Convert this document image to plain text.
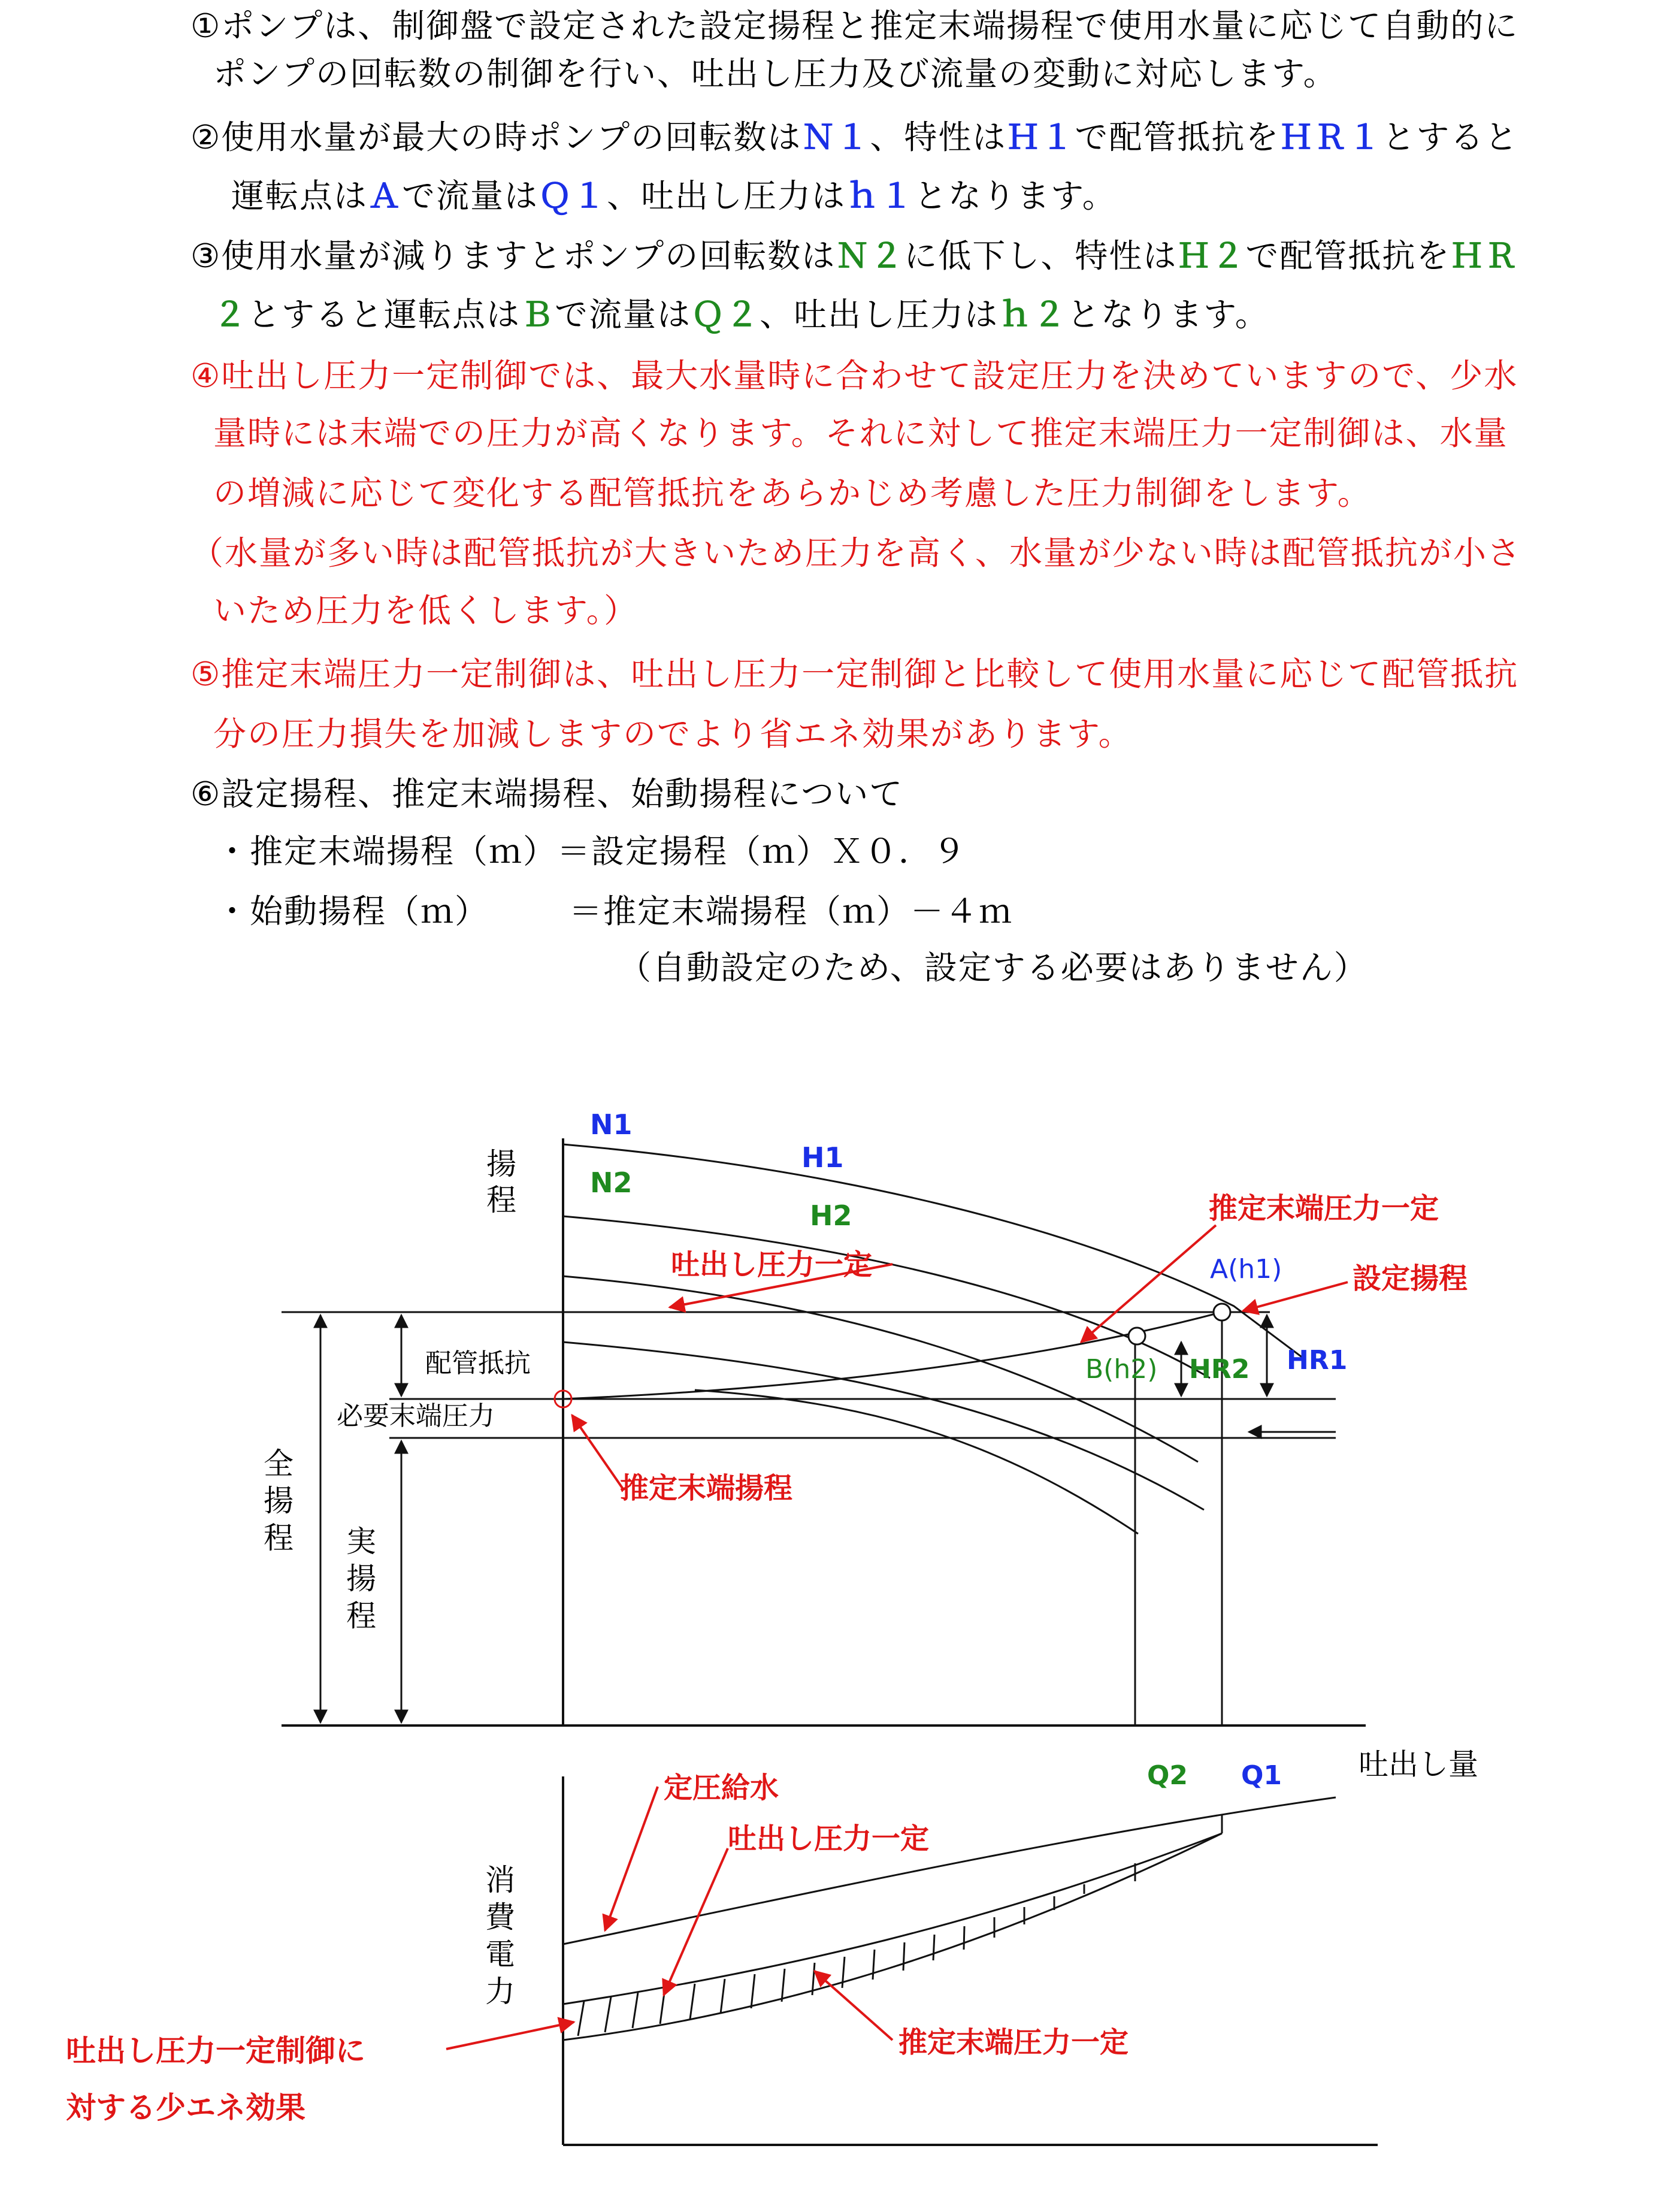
①ポンプは、制御盤で設定された設定揚程と推定末端揚程で使用水量に応じて自動的に
ポンプの回転数の制御を行い、吐出し圧力及び流量の変動に対応します。
②使用水量が最大の時ポンプの回転数はＮ１、特性はＨ１で配管抵抗をＨＲ１とすると
運転点はＡで流量はＱ１、吐出し圧力はｈ１となります。
③使用水量が減りますとポンプの回転数はＮ２に低下し、特性はＨ２で配管抵抗をＨＲ
２とすると運転点はＢで流量はＱ２、吐出し圧力はｈ２となります。
④吐出し圧力一定制御では、最大水量時に合わせて設定圧力を決めていますので、少水
量時には末端での圧力が高くなります。それに対して推定末端圧力一定制御は、水量
の増減に応じて変化する配管抵抗をあらかじめ考慮した圧力制御をします。
（水量が多い時は配管抵抗が大きいため圧力を高く、水量が少ない時は配管抵抗が小さ
いため圧力を低くします。）
⑤推定末端圧力一定制御は、吐出し圧力一定制御と比較して使用水量に応じて配管抵抗
分の圧力損失を加減しますのでより省エネ効果があります。
⑥設定揚程、推定末端揚程、始動揚程について
・推定末端揚程（ｍ）＝設定揚程（ｍ）Ｘ０．９
・始動揚程（ｍ） ＝推定末端揚程（ｍ）－４ｍ
（自動設定のため、設定する必要はありません）
揚 程
N1
H1
N2
H2
吐出し圧力一定
推定末端圧力一定
A(h1) 設定揚程
配管抵抗
必要末端圧力
B(h2) HR2 HR1
推定末端揚程
全 揚 程	実 揚 程
Q2 Q1	吐出し量
定圧給水
吐出し圧力一定
推定末端圧力一定
吐出し圧力一定制御に
対する少エネ効果
消 費 電 力
